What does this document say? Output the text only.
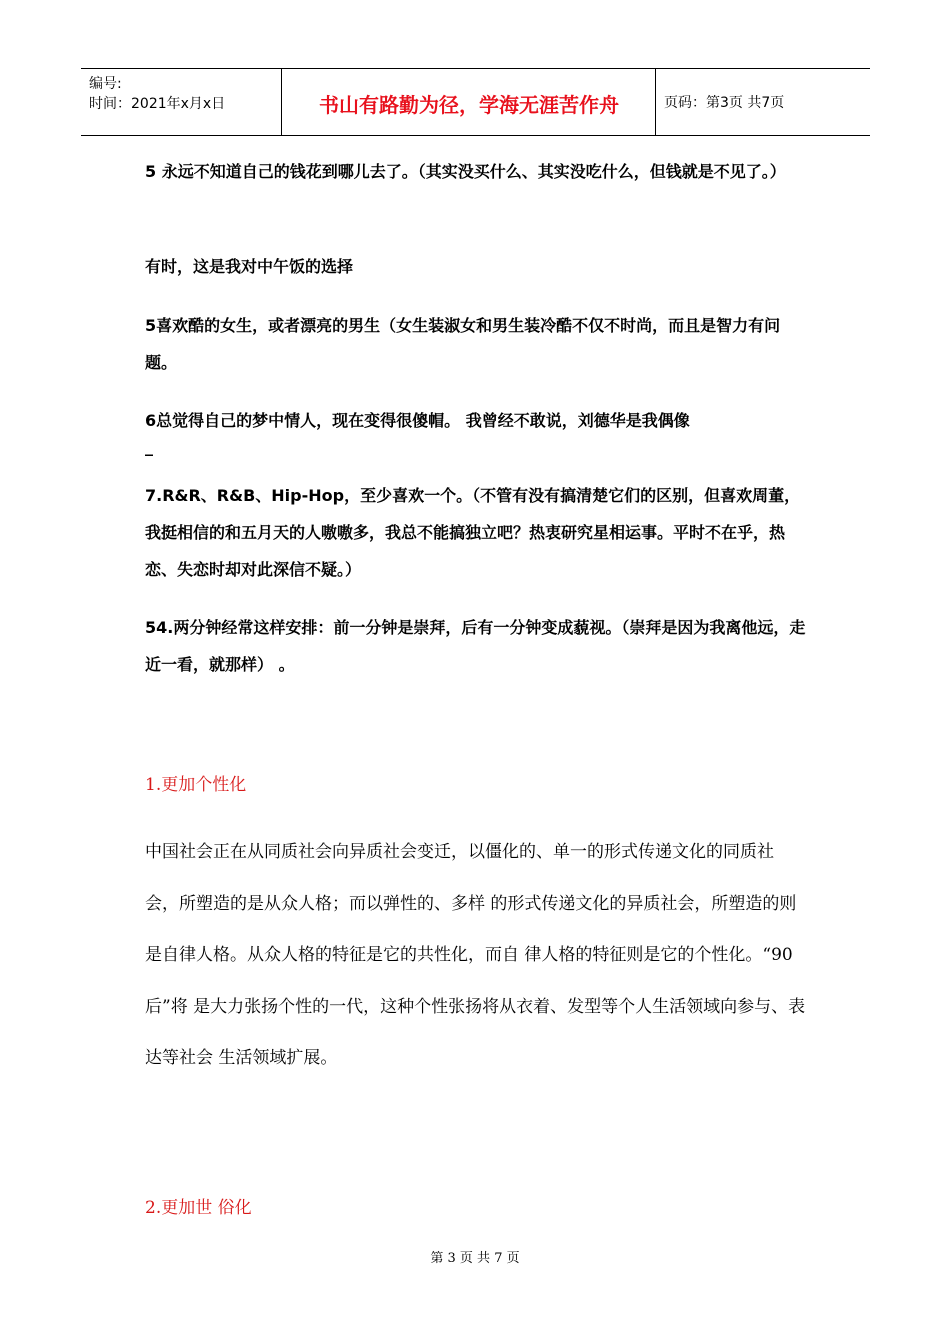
编号:
时间：2021年x月x日	书山有路勤为径，学海无涯苦作舟	页码：第3页 共7页

5 永远不知道自己的钱花到哪儿去了。（其实没买什么、其实没吃什么，但钱就是不见了。）

有时，这是我对中午饭的选择

5喜欢酷的女生，或者漂亮的男生（女生装淑女和男生装冷酷不仅不时尚，而且是智力有问题。

6总觉得自己的梦中情人，现在变得很傻帽。 我曾经不敢说，刘德华是我偶像

_

7.R&R、R&B、Hip-Hop，至少喜欢一个。（不管有没有搞清楚它们的区别，但喜欢周董， 我挺相信的和五月天的人嗷嗷多，我总不能搞独立吧？热衷研究星相运事。平时不在乎，热恋、失恋时却对此深信不疑。）

54.两分钟经常这样安排：前一分钟是崇拜，后有一分钟变成藐视。（崇拜是因为我离他远，走近一看，就那样） 。

1.更加个性化

中国社会正在从同质社会向异质社会变迁，以僵化的、单一的形式传递文化的同质社 会，所塑造的是从众人格；而以弹性的、多样 的形式传递文化的异质社会，所塑造的则是自律人格。从众人格的特征是它的共性化，而自 律人格的特征则是它的个性化。“90后”将 是大力张扬个性的一代，这种个性张扬将从衣着、发型等个人生活领域向参与、表达等社会 生活领域扩展。

2.更加世 俗化
第 3 页 共 7 页
